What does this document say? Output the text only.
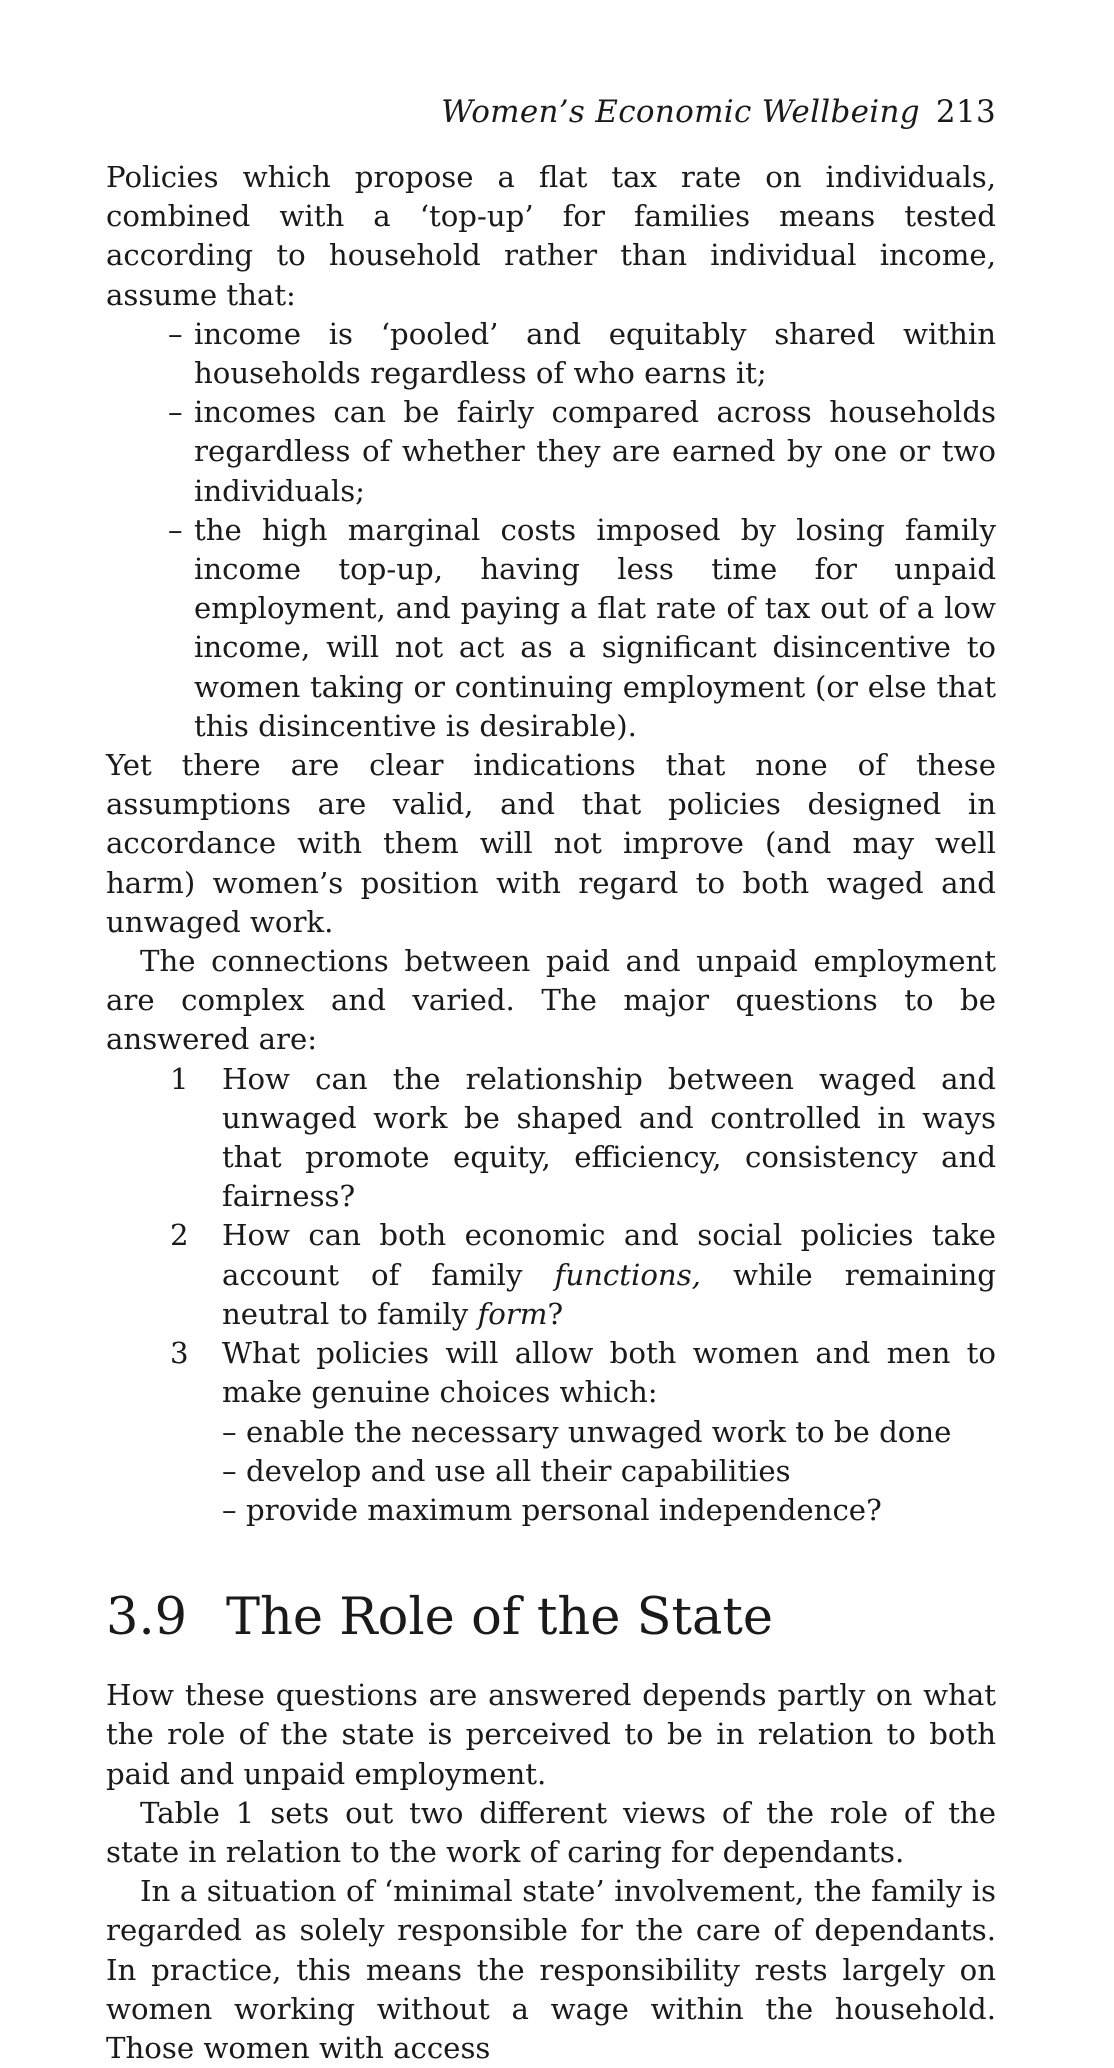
Women’s Economic Wellbeing 213

Policies which propose a flat tax rate on individuals, combined with a ‘top-up’ for families means tested according to household rather than individual income, assume that:

– income is ‘pooled’ and equitably shared within households regardless of who earns it;
– incomes can be fairly compared across households regardless of whether they are earned by one or two individuals;
– the high marginal costs imposed by losing family income top-up, having less time for unpaid employment, and paying a flat rate of tax out of a low income, will not act as a significant disincentive to women taking or continuing employment (or else that this disincentive is desirable).

Yet there are clear indications that none of these assumptions are valid, and that policies designed in accordance with them will not improve (and may well harm) women’s position with regard to both waged and unwaged work.

The connections between paid and unpaid employment are complex and varied. The major questions to be answered are:

1 How can the relationship between waged and unwaged work be shaped and controlled in ways that promote equity, efficiency, consistency and fairness?
2 How can both economic and social policies take account of family functions, while remaining neutral to family form?
3 What policies will allow both women and men to make genuine choices which:
– enable the necessary unwaged work to be done
– develop and use all their capabilities
– provide maximum personal independence?
3.9 The Role of the State

How these questions are answered depends partly on what the role of the state is perceived to be in relation to both paid and unpaid employment.

Table 1 sets out two different views of the role of the state in relation to the work of caring for dependants.

In a situation of ‘minimal state’ involvement, the family is regarded as solely responsible for the care of dependants. In practice, this means the responsibility rests largely on women working without a wage within the household. Those women with access
